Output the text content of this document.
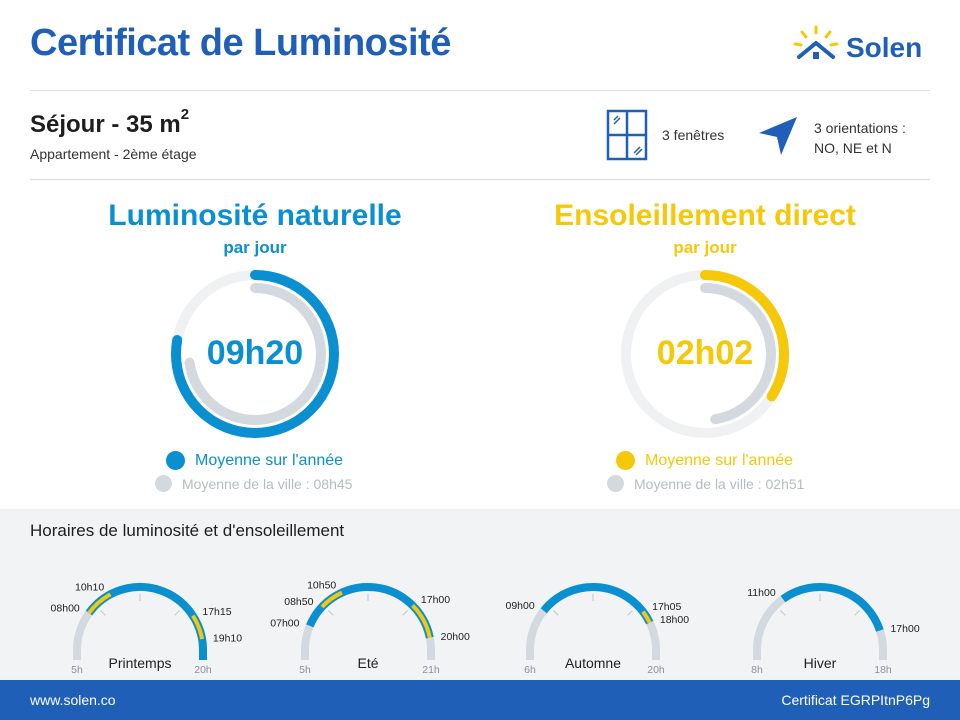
Certificat de Luminosité	Solen
Séjour - 35 $m^2$
Appartement - 2ème étage
3 fenêtres	3 orientations :
NO, NE et N
Luminosité naturelle
par jour
09h20
Moyenne sur l'année
Moyenne de la ville : 08h45
Ensoleillement direct
par jour
02h02
Moyenne sur l'année
Moyenne de la ville : 02h51
Horaires de luminosité et d'ensoleillement
08h00
10h10
17h15
19h10
5h	20h
Printemps
07h00
08h50
10h50
17h00
20h00
5h	21h
Eté
09h00	17h05
18h00
6h	20h
Automne
11h00
17h00
8h	18h
Hiver
www.solen.co	Certificat EGRPItnP6Pg
